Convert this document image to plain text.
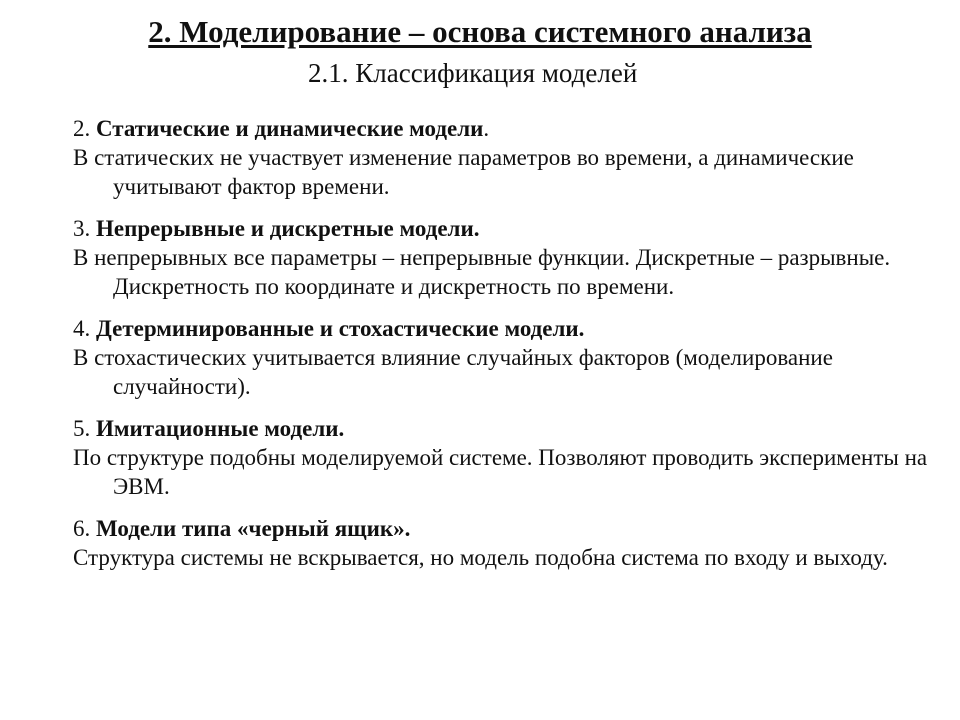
2. Моделирование – основа системного анализа
2.1. Классификация моделей
2. Статические и динамические модели.
В статических не участвует изменение параметров во времени, а динамические учитывают фактор времени.
3. Непрерывные и дискретные модели.
В непрерывных все параметры – непрерывные функции. Дискретные – разрывные. Дискретность по координате и дискретность по времени.
4. Детерминированные и стохастические модели.
В стохастических учитывается влияние случайных факторов (моделирование случайности).
5. Имитационные модели.
По структуре подобны моделируемой системе. Позволяют проводить эксперименты на ЭВМ.
6. Модели типа «черный ящик».
Структура системы не вскрывается, но модель подобна система по входу и выходу.
